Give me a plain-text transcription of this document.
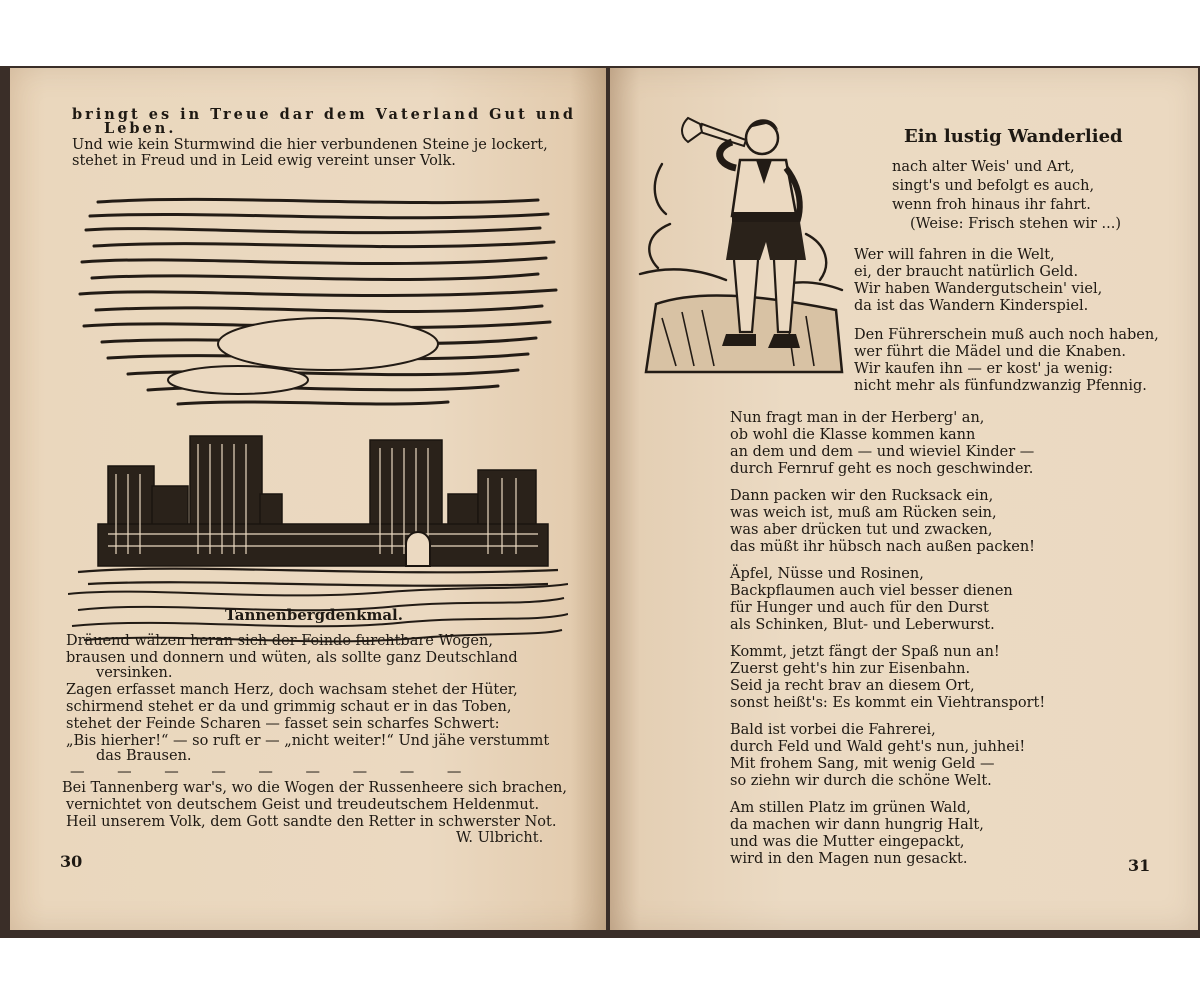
bringt es in Treue dar dem Vaterland Gut und
Leben.
Und wie kein Sturmwind die hier verbundenen Steine je lockert,
stehet in Freud und in Leid ewig vereint unser Volk.
Tannenbergdenkmal.
Dräuend wälzen heran sich der Feinde furchtbare Wogen,
brausen und donnern und wüten, als sollte ganz Deutschland
versinken.
Zagen erfasset manch Herz, doch wachsam stehet der Hüter,
schirmend stehet er da und grimmig schaut er in das Toben,
stehet der Feinde Scharen — fasset sein scharfes Schwert:
„Bis hierher!“ — so ruft er — „nicht weiter!“ Und jähe verstummt
das Brausen.
— — — — — — — — —
Bei Tannenberg war's, wo die Wogen der Russenheere sich brachen,
vernichtet von deutschem Geist und treudeutschem Heldenmut.
Heil unserem Volk, dem Gott sandte den Retter in schwerster Not.
W. Ulbricht.
30
Ein lustig Wanderlied
nach alter Weis' und Art,
singt's und befolgt es auch,
wenn froh hinaus ihr fahrt.
(Weise: Frisch stehen wir ...)
Wer will fahren in die Welt,
ei, der braucht natürlich Geld.
Wir haben Wandergutschein' viel,
da ist das Wandern Kinderspiel.
Den Führerschein muß auch noch haben,
wer führt die Mädel und die Knaben.
Wir kaufen ihn — er kost' ja wenig:
nicht mehr als fünfundzwanzig Pfennig.
Nun fragt man in der Herberg' an,
ob wohl die Klasse kommen kann
an dem und dem — und wieviel Kinder —
durch Fernruf geht es noch geschwinder.
Dann packen wir den Rucksack ein,
was weich ist, muß am Rücken sein,
was aber drücken tut und zwacken,
das müßt ihr hübsch nach außen packen!
Äpfel, Nüsse und Rosinen,
Backpflaumen auch viel besser dienen
für Hunger und auch für den Durst
als Schinken, Blut- und Leberwurst.
Kommt, jetzt fängt der Spaß nun an!
Zuerst geht's hin zur Eisenbahn.
Seid ja recht brav an diesem Ort,
sonst heißt's: Es kommt ein Viehtransport!
Bald ist vorbei die Fahrerei,
durch Feld und Wald geht's nun, juhhei!
Mit frohem Sang, mit wenig Geld —
so ziehn wir durch die schöne Welt.
Am stillen Platz im grünen Wald,
da machen wir dann hungrig Halt,
und was die Mutter eingepackt,
wird in den Magen nun gesackt.	31
